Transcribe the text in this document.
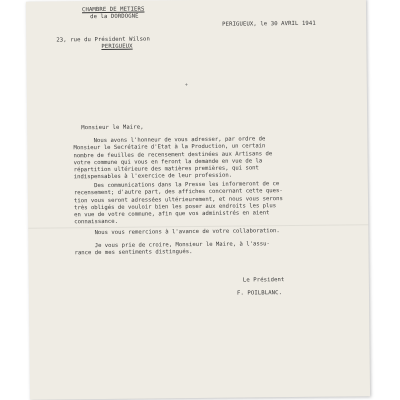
CHAMBRE DE METIERS
de la DORDOGNE
PERIGUEUX, le 30 AVRIL 1941
23, rue du Président Wilson
PERIGUEUX
+
Monsieur le Maire,
Nous avons l'honneur de vous adresser, par ordre de
Monsieur le Secrétaire d'Etat à la Production, un certain
nombre de feuilles de recensement destinées aux Artisans de
votre commune qui vous en feront la demande en vue de la
répartition ultérieure des matières premières, qui sont
indispensables à l'exercice de leur profession.
Des communications dans la Presse les informeront de ce
recensement; d'autre part, des affiches concernant cette ques-
tion vous seront adressées ultérieurement, et nous vous serons
très obligés de vouloir bien les poser aux endroits les plus
en vue de votre commune, afin que vos administrés en aient
connaissance.
Nous vous remercions à l'avance de votre collaboration.
Je vous prie de croire, Monsieur le Maire, à l'assu-
rance de mes sentiments distingués.
Le Président
F. POILBLANC.
